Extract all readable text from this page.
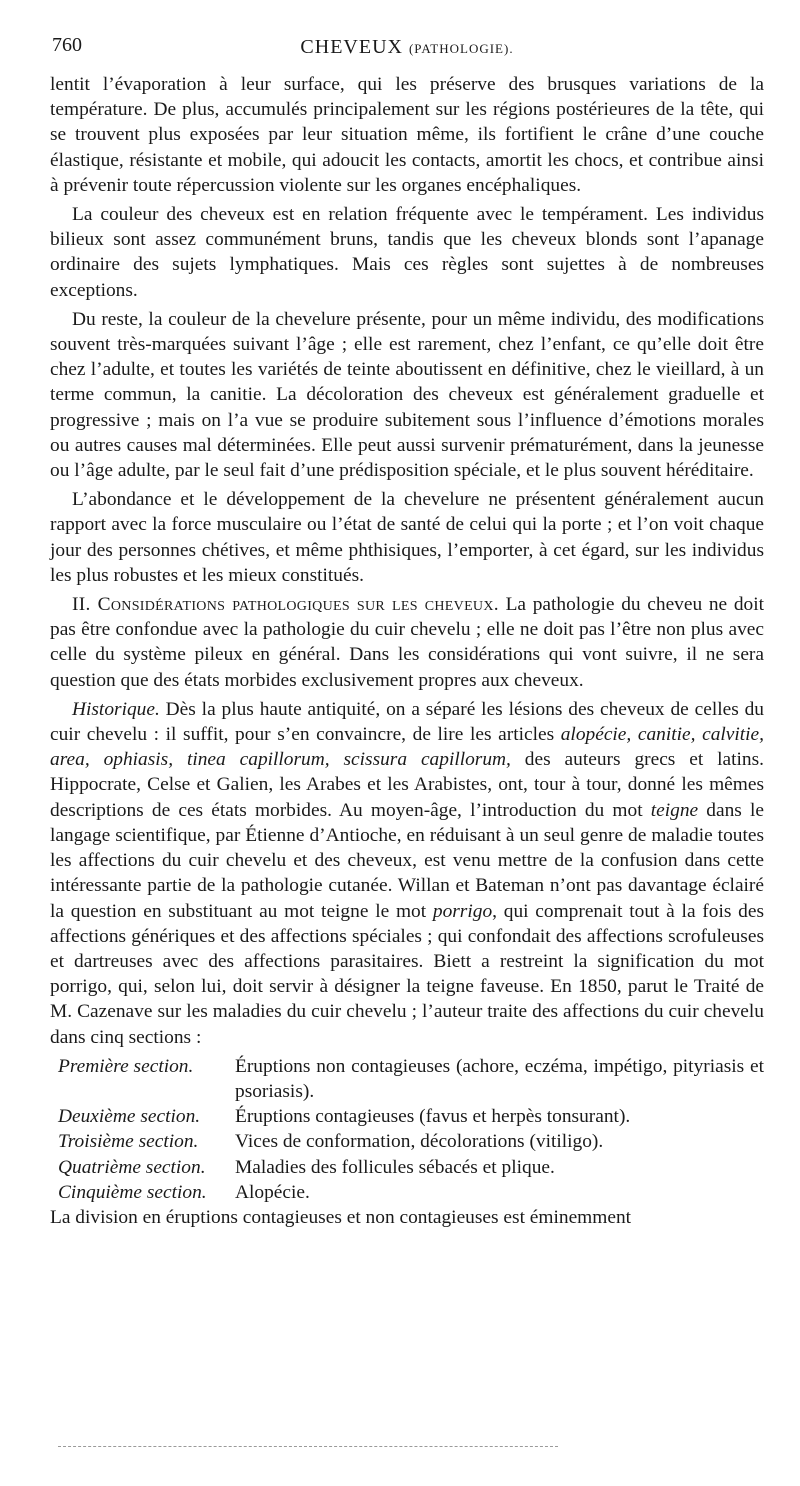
760	CHEVEUX (PATHOLOGIE).

lentit l’évaporation à leur surface, qui les préserve des brusques variations de la température. De plus, accumulés principalement sur les régions postérieures de la tête, qui se trouvent plus exposées par leur situation même, ils fortifient le crâne d’une couche élastique, résistante et mobile, qui adoucit les contacts, amortit les chocs, et contribue ainsi à prévenir toute répercussion violente sur les organes encéphaliques.

La couleur des cheveux est en relation fréquente avec le tempérament. Les individus bilieux sont assez communément bruns, tandis que les cheveux blonds sont l’apanage ordinaire des sujets lymphatiques. Mais ces règles sont sujettes à de nombreuses exceptions.

Du reste, la couleur de la chevelure présente, pour un même individu, des modifications souvent très-marquées suivant l’âge ; elle est rarement, chez l’enfant, ce qu’elle doit être chez l’adulte, et toutes les variétés de teinte aboutissent en définitive, chez le vieillard, à un terme commun, la canitie. La décoloration des cheveux est généralement graduelle et progressive ; mais on l’a vue se produire subitement sous l’influence d’émotions morales ou autres causes mal déterminées. Elle peut aussi survenir prématurément, dans la jeunesse ou l’âge adulte, par le seul fait d’une prédisposition spéciale, et le plus souvent héréditaire.

L’abondance et le développement de la chevelure ne présentent généralement aucun rapport avec la force musculaire ou l’état de santé de celui qui la porte ; et l’on voit chaque jour des personnes chétives, et même phthisiques, l’emporter, à cet égard, sur les individus les plus robustes et les mieux constitués.

II. Considérations pathologiques sur les cheveux. La pathologie du cheveu ne doit pas être confondue avec la pathologie du cuir chevelu ; elle ne doit pas l’être non plus avec celle du système pileux en général. Dans les considérations qui vont suivre, il ne sera question que des états morbides exclusivement propres aux cheveux.

Historique. Dès la plus haute antiquité, on a séparé les lésions des cheveux de celles du cuir chevelu : il suffit, pour s’en convaincre, de lire les articles alopécie, canitie, calvitie, area, ophiasis, tinea capillorum, scissura capillorum, des auteurs grecs et latins. Hippocrate, Celse et Galien, les Arabes et les Arabistes, ont, tour à tour, donné les mêmes descriptions de ces états morbides. Au moyen-âge, l’introduction du mot teigne dans le langage scientifique, par Étienne d’Antioche, en réduisant à un seul genre de maladie toutes les affections du cuir chevelu et des cheveux, est venu mettre de la confusion dans cette intéressante partie de la pathologie cutanée. Willan et Bateman n’ont pas davantage éclairé la question en substituant au mot teigne le mot porrigo, qui comprenait tout à la fois des affections génériques et des affections spéciales ; qui confondait des affections scrofuleuses et dartreuses avec des affections parasitaires. Biett a restreint la signification du mot porrigo, qui, selon lui, doit servir à désigner la teigne faveuse. En 1850, parut le Traité de M. Cazenave sur les maladies du cuir chevelu ; l’auteur traite des affections du cuir chevelu dans cinq sections :

Première section.	Éruptions non contagieuses (achore, eczéma, impétigo, pityriasis et psoriasis).
Deuxième section.	Éruptions contagieuses (favus et herpès tonsurant).
Troisième section.	Vices de conformation, décolorations (vitiligo).
Quatrième section.	Maladies des follicules sébacés et plique.
Cinquième section.	Alopécie.

La division en éruptions contagieuses et non contagieuses est éminemment
